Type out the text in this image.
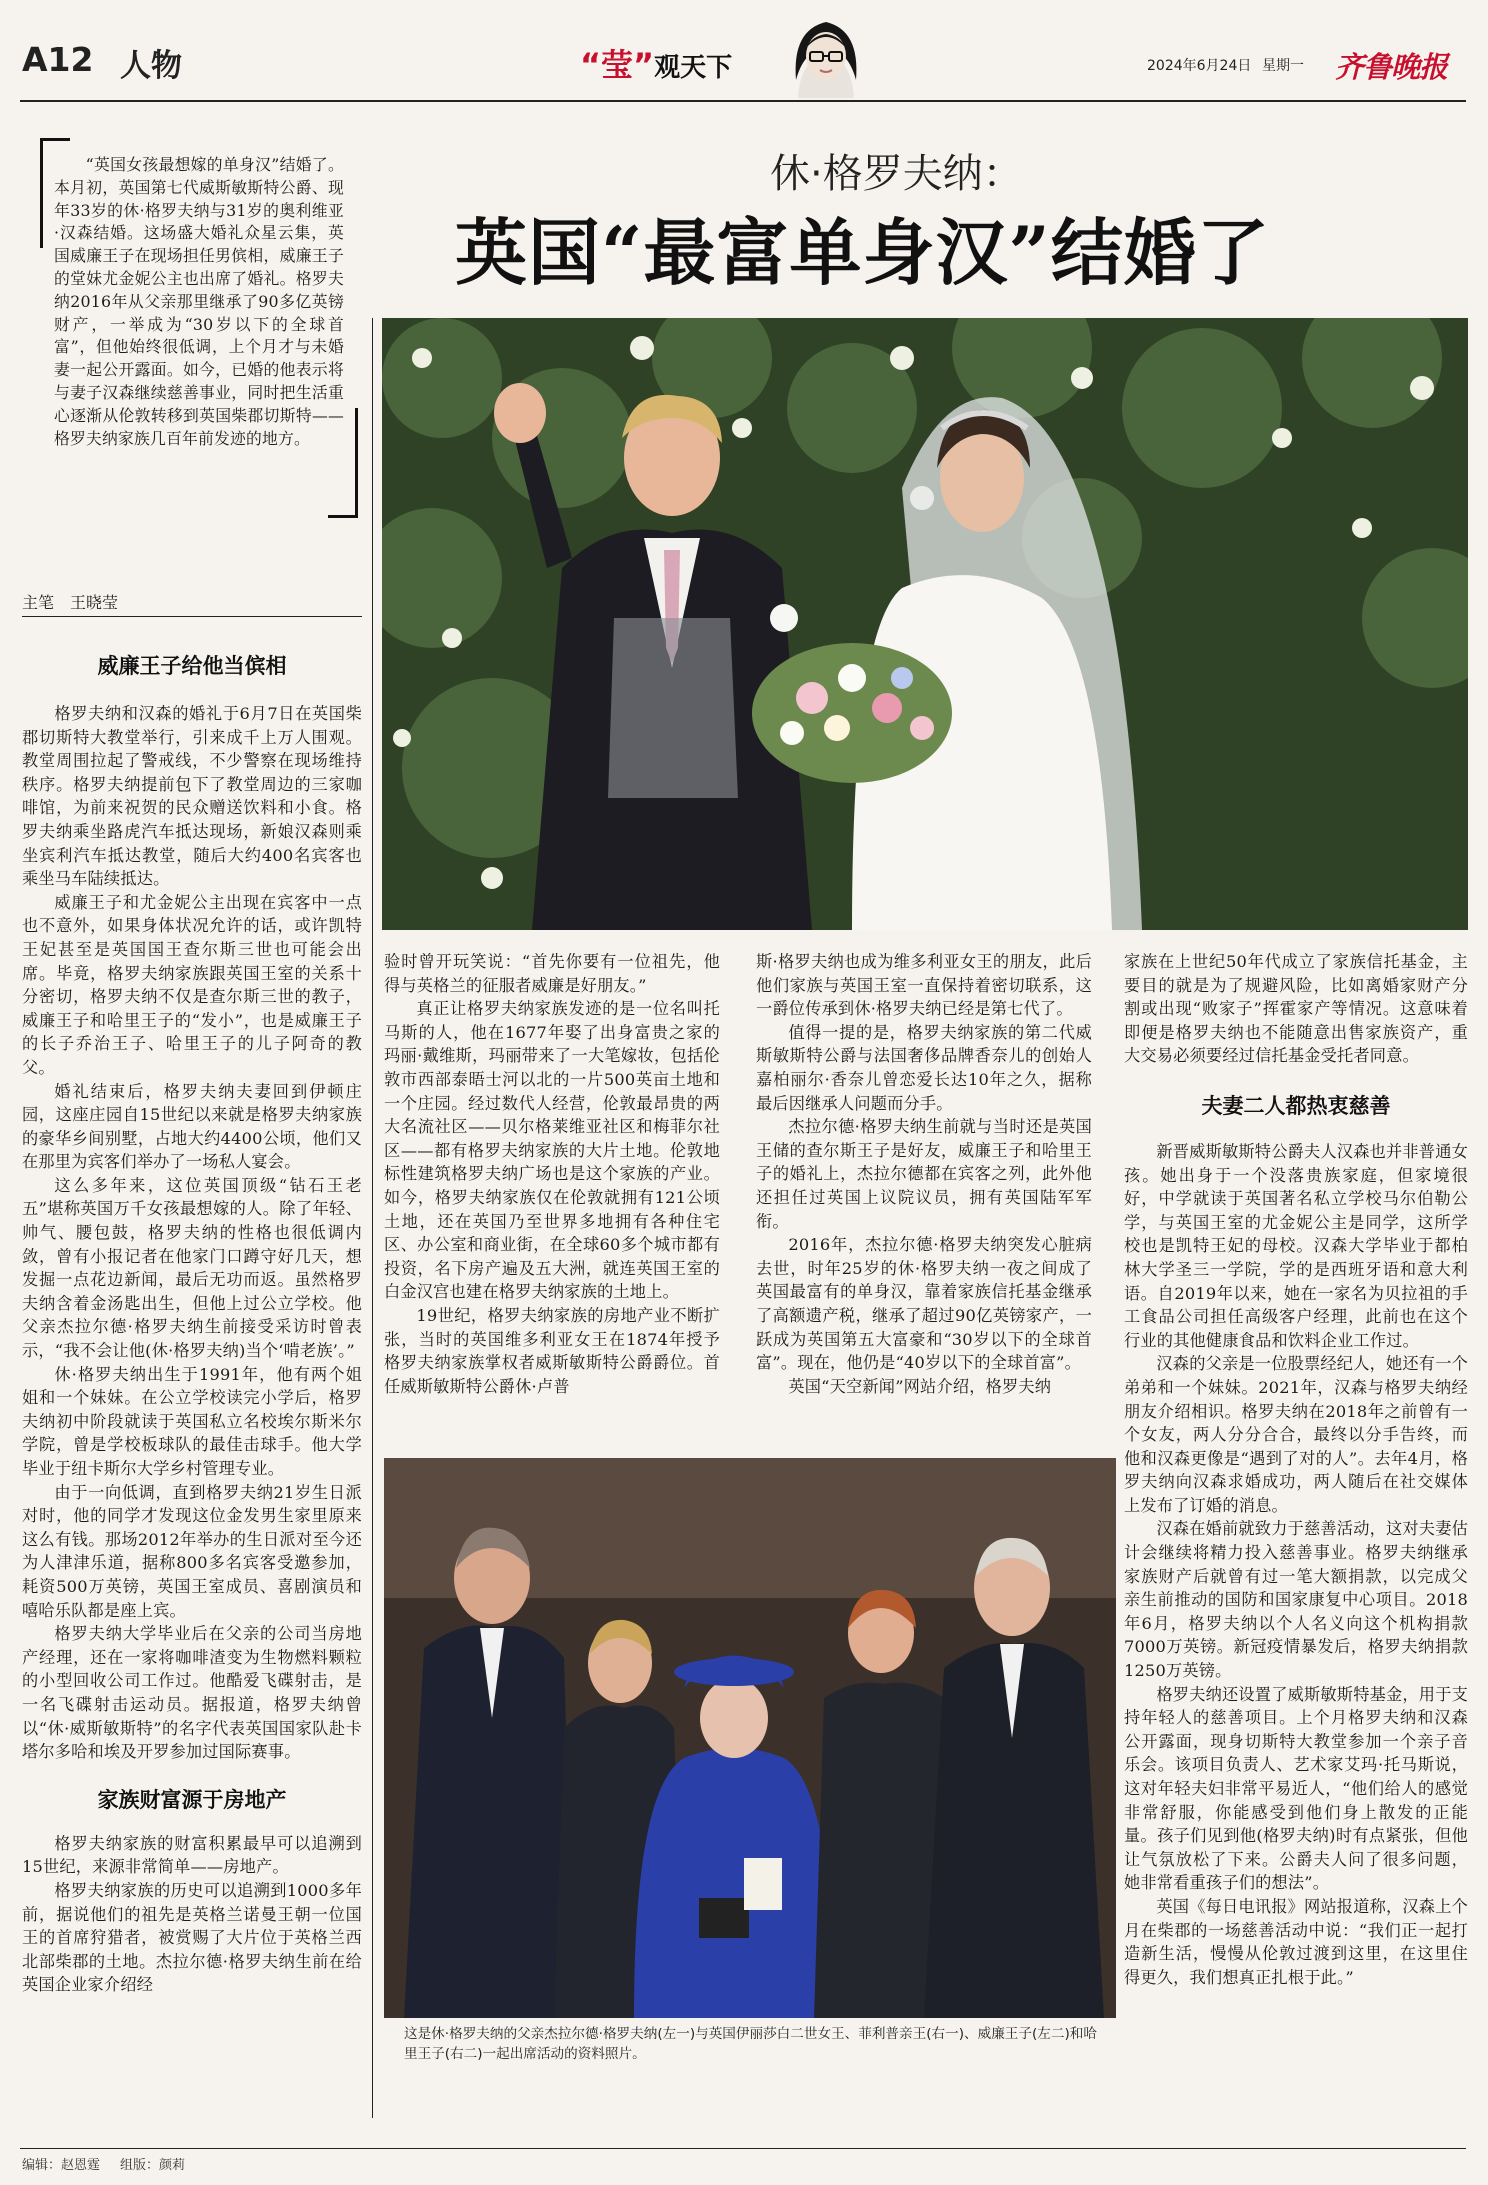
A12 人物	“莹”观天下	2024年6月24日 星期一 齐鲁晚报
“英国女孩最想嫁的单身汉”结婚了。本月初，英国第七代威斯敏斯特公爵、现年33岁的休·格罗夫纳与31岁的奥利维亚·汉森结婚。这场盛大婚礼众星云集，英国威廉王子在现场担任男傧相，威廉王子的堂妹尤金妮公主也出席了婚礼。格罗夫纳2016年从父亲那里继承了90多亿英镑财产，一举成为“30岁以下的全球首富”，但他始终很低调，上个月才与未婚妻一起公开露面。如今，已婚的他表示将与妻子汉森继续慈善事业，同时把生活重心逐渐从伦敦转移到英国柴郡切斯特——格罗夫纳家族几百年前发迹的地方。
主笔　王晓莹
休·格罗夫纳：
英国“最富单身汉”结婚了

威廉王子给他当傧相

格罗夫纳和汉森的婚礼于6月7日在英国柴郡切斯特大教堂举行，引来成千上万人围观。教堂周围拉起了警戒线，不少警察在现场维持秩序。格罗夫纳提前包下了教堂周边的三家咖啡馆，为前来祝贺的民众赠送饮料和小食。格罗夫纳乘坐路虎汽车抵达现场，新娘汉森则乘坐宾利汽车抵达教堂，随后大约400名宾客也乘坐马车陆续抵达。

威廉王子和尤金妮公主出现在宾客中一点也不意外，如果身体状况允许的话，或许凯特王妃甚至是英国国王查尔斯三世也可能会出席。毕竟，格罗夫纳家族跟英国王室的关系十分密切，格罗夫纳不仅是查尔斯三世的教子，威廉王子和哈里王子的“发小”，也是威廉王子的长子乔治王子、哈里王子的儿子阿奇的教父。

婚礼结束后，格罗夫纳夫妻回到伊顿庄园，这座庄园自15世纪以来就是格罗夫纳家族的豪华乡间别墅，占地大约4400公顷，他们又在那里为宾客们举办了一场私人宴会。

这么多年来，这位英国顶级“钻石王老五”堪称英国万千女孩最想嫁的人。除了年轻、帅气、腰包鼓，格罗夫纳的性格也很低调内敛，曾有小报记者在他家门口蹲守好几天，想发掘一点花边新闻，最后无功而返。虽然格罗夫纳含着金汤匙出生，但他上过公立学校。他父亲杰拉尔德·格罗夫纳生前接受采访时曾表示，“我不会让他(休·格罗夫纳)当个‘啃老族’。”

休·格罗夫纳出生于1991年，他有两个姐姐和一个妹妹。在公立学校读完小学后，格罗夫纳初中阶段就读于英国私立名校埃尔斯米尔学院，曾是学校板球队的最佳击球手。他大学毕业于纽卡斯尔大学乡村管理专业。

由于一向低调，直到格罗夫纳21岁生日派对时，他的同学才发现这位金发男生家里原来这么有钱。那场2012年举办的生日派对至今还为人津津乐道，据称800多名宾客受邀参加，耗资500万英镑，英国王室成员、喜剧演员和嘻哈乐队都是座上宾。

格罗夫纳大学毕业后在父亲的公司当房地产经理，还在一家将咖啡渣变为生物燃料颗粒的小型回收公司工作过。他酷爱飞碟射击，是一名飞碟射击运动员。据报道，格罗夫纳曾以“休·威斯敏斯特”的名字代表英国国家队赴卡塔尔多哈和埃及开罗参加过国际赛事。

家族财富源于房地产

格罗夫纳家族的财富积累最早可以追溯到15世纪，来源非常简单——房地产。

格罗夫纳家族的历史可以追溯到1000多年前，据说他们的祖先是英格兰诺曼王朝一位国王的首席狩猎者，被赏赐了大片位于英格兰西北部柴郡的土地。杰拉尔德·格罗夫纳生前在给英国企业家介绍经

验时曾开玩笑说：“首先你要有一位祖先，他得与英格兰的征服者威廉是好朋友。”

真正让格罗夫纳家族发迹的是一位名叫托马斯的人，他在1677年娶了出身富贵之家的玛丽·戴维斯，玛丽带来了一大笔嫁妆，包括伦敦市西部泰晤士河以北的一片500英亩土地和一个庄园。经过数代人经营，伦敦最昂贵的两大名流社区——贝尔格莱维亚社区和梅菲尔社区——都有格罗夫纳家族的大片土地。伦敦地标性建筑格罗夫纳广场也是这个家族的产业。如今，格罗夫纳家族仅在伦敦就拥有121公顷土地，还在英国乃至世界多地拥有各种住宅区、办公室和商业街，在全球60多个城市都有投资，名下房产遍及五大洲，就连英国王室的白金汉宫也建在格罗夫纳家族的土地上。

19世纪，格罗夫纳家族的房地产业不断扩张，当时的英国维多利亚女王在1874年授予格罗夫纳家族掌权者威斯敏斯特公爵爵位。首任威斯敏斯特公爵休·卢普

斯·格罗夫纳也成为维多利亚女王的朋友，此后他们家族与英国王室一直保持着密切联系，这一爵位传承到休·格罗夫纳已经是第七代了。

值得一提的是，格罗夫纳家族的第二代威斯敏斯特公爵与法国奢侈品牌香奈儿的创始人嘉柏丽尔·香奈儿曾恋爱长达10年之久，据称最后因继承人问题而分手。

杰拉尔德·格罗夫纳生前就与当时还是英国王储的查尔斯王子是好友，威廉王子和哈里王子的婚礼上，杰拉尔德都在宾客之列，此外他还担任过英国上议院议员，拥有英国陆军军衔。

2016年，杰拉尔德·格罗夫纳突发心脏病去世，时年25岁的休·格罗夫纳一夜之间成了英国最富有的单身汉，靠着家族信托基金继承了高额遗产税，继承了超过90亿英镑家产，一跃成为英国第五大富豪和“30岁以下的全球首富”。现在，他仍是“40岁以下的全球首富”。

英国“天空新闻”网站介绍，格罗夫纳

家族在上世纪50年代成立了家族信托基金，主要目的就是为了规避风险，比如离婚家财产分割或出现“败家子”挥霍家产等情况。这意味着即便是格罗夫纳也不能随意出售家族资产，重大交易必须要经过信托基金受托者同意。

夫妻二人都热衷慈善

新晋威斯敏斯特公爵夫人汉森也并非普通女孩。她出身于一个没落贵族家庭，但家境很好，中学就读于英国著名私立学校马尔伯勒公学，与英国王室的尤金妮公主是同学，这所学校也是凯特王妃的母校。汉森大学毕业于都柏林大学圣三一学院，学的是西班牙语和意大利语。自2019年以来，她在一家名为贝拉祖的手工食品公司担任高级客户经理，此前也在这个行业的其他健康食品和饮料企业工作过。

汉森的父亲是一位股票经纪人，她还有一个弟弟和一个妹妹。2021年，汉森与格罗夫纳经朋友介绍相识。格罗夫纳在2018年之前曾有一个女友，两人分分合合，最终以分手告终，而他和汉森更像是“遇到了对的人”。去年4月，格罗夫纳向汉森求婚成功，两人随后在社交媒体上发布了订婚的消息。

汉森在婚前就致力于慈善活动，这对夫妻估计会继续将精力投入慈善事业。格罗夫纳继承家族财产后就曾有过一笔大额捐款，以完成父亲生前推动的国防和国家康复中心项目。2018年6月，格罗夫纳以个人名义向这个机构捐款7000万英镑。新冠疫情暴发后，格罗夫纳捐款1250万英镑。

格罗夫纳还设置了威斯敏斯特基金，用于支持年轻人的慈善项目。上个月格罗夫纳和汉森公开露面，现身切斯特大教堂参加一个亲子音乐会。该项目负责人、艺术家艾玛·托马斯说，这对年轻夫妇非常平易近人，“他们给人的感觉非常舒服，你能感受到他们身上散发的正能量。孩子们见到他(格罗夫纳)时有点紧张，但他让气氛放松了下来。公爵夫人问了很多问题，她非常看重孩子们的想法”。

英国《每日电讯报》网站报道称，汉森上个月在柴郡的一场慈善活动中说：“我们正一起打造新生活，慢慢从伦敦过渡到这里，在这里住得更久，我们想真正扎根于此。”

这是休·格罗夫纳的父亲杰拉尔德·格罗夫纳(左一)与英国伊丽莎白二世女王、菲利普亲王(右一)、威廉王子(左二)和哈里王子(右二)一起出席活动的资料照片。
编辑：赵恩霆 组版：颜莉
